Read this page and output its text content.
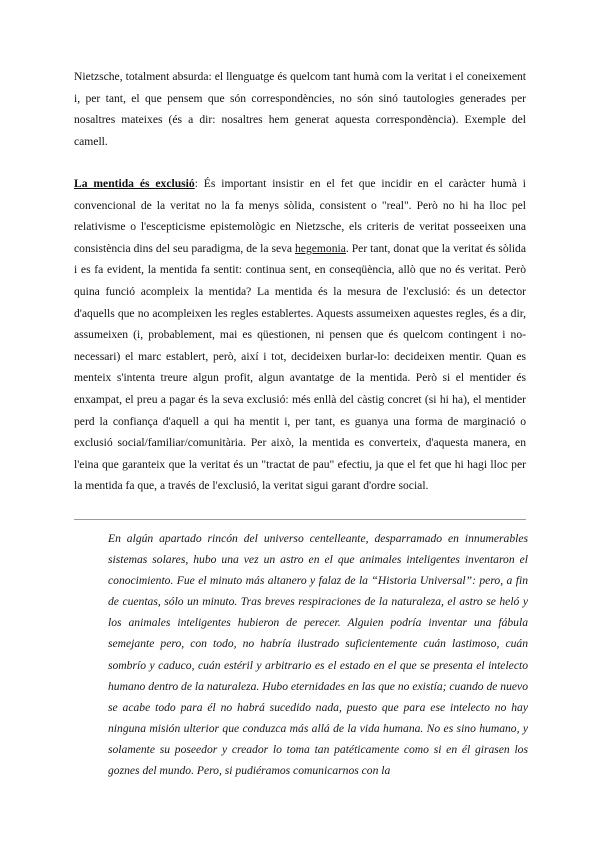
Nietzsche, totalment absurda: el llenguatge és quelcom tant humà com la veritat i el coneixement i, per tant, el que pensem que són correspondències, no són sinó tautologies generades per nosaltres mateixes (és a dir: nosaltres hem generat aquesta correspondència). Exemple del camell.

La mentida és exclusió: És important insistir en el fet que incidir en el caràcter humà i convencional de la veritat no la fa menys sòlida, consistent o "real". Però no hi ha lloc pel relativisme o l'escepticisme epistemològic en Nietzsche, els criteris de veritat posseeixen una consistència dins del seu paradigma, de la seva hegemonia. Per tant, donat que la veritat és sòlida i es fa evident, la mentida fa sentit: continua sent, en conseqüència, allò que no és veritat. Però quina funció acompleix la mentida? La mentida és la mesura de l'exclusió: és un detector d'aquells que no acompleixen les regles establertes. Aquests assumeixen aquestes regles, és a dir, assumeixen (i, probablement, mai es qüestionen, ni pensen que és quelcom contingent i no-necessari) el marc establert, però, així i tot, decideixen burlar-lo: decideixen mentir. Quan es menteix s'intenta treure algun profit, algun avantatge de la mentida. Però si el mentider és enxampat, el preu a pagar és la seva exclusió: més enllà del càstig concret (si hi ha), el mentider perd la confiança d'aquell a qui ha mentit i, per tant, es guanya una forma de marginació o exclusió social/familiar/comunitària. Per això, la mentida es converteix, d'aquesta manera, en l'eina que garanteix que la veritat és un "tractat de pau" efectiu, ja que el fet que hi hagi lloc per la mentida fa que, a través de l'exclusió, la veritat sigui garant d'ordre social.

En algún apartado rincón del universo centelleante, desparramado en innumerables sistemas solares, hubo una vez un astro en el que animales inteligentes inventaron el conocimiento. Fue el minuto más altanero y falaz de la “Historia Universal”: pero, a fin de cuentas, sólo un minuto. Tras breves respiraciones de la naturaleza, el astro se heló y los animales inteligentes hubieron de perecer. Alguien podría inventar una fábula semejante pero, con todo, no habría ilustrado suficientemente cuán lastimoso, cuán sombrío y caduco, cuán estéril y arbitrario es el estado en el que se presenta el intelecto humano dentro de la naturaleza. Hubo eternidades en las que no existía; cuando de nuevo se acabe todo para él no habrá sucedido nada, puesto que para ese intelecto no hay ninguna misión ulterior que conduzca más allá de la vida humana. No es sino humano, y solamente su poseedor y creador lo toma tan patéticamente como si en él girasen los goznes del mundo. Pero, si pudiéramos comunicarnos con la
